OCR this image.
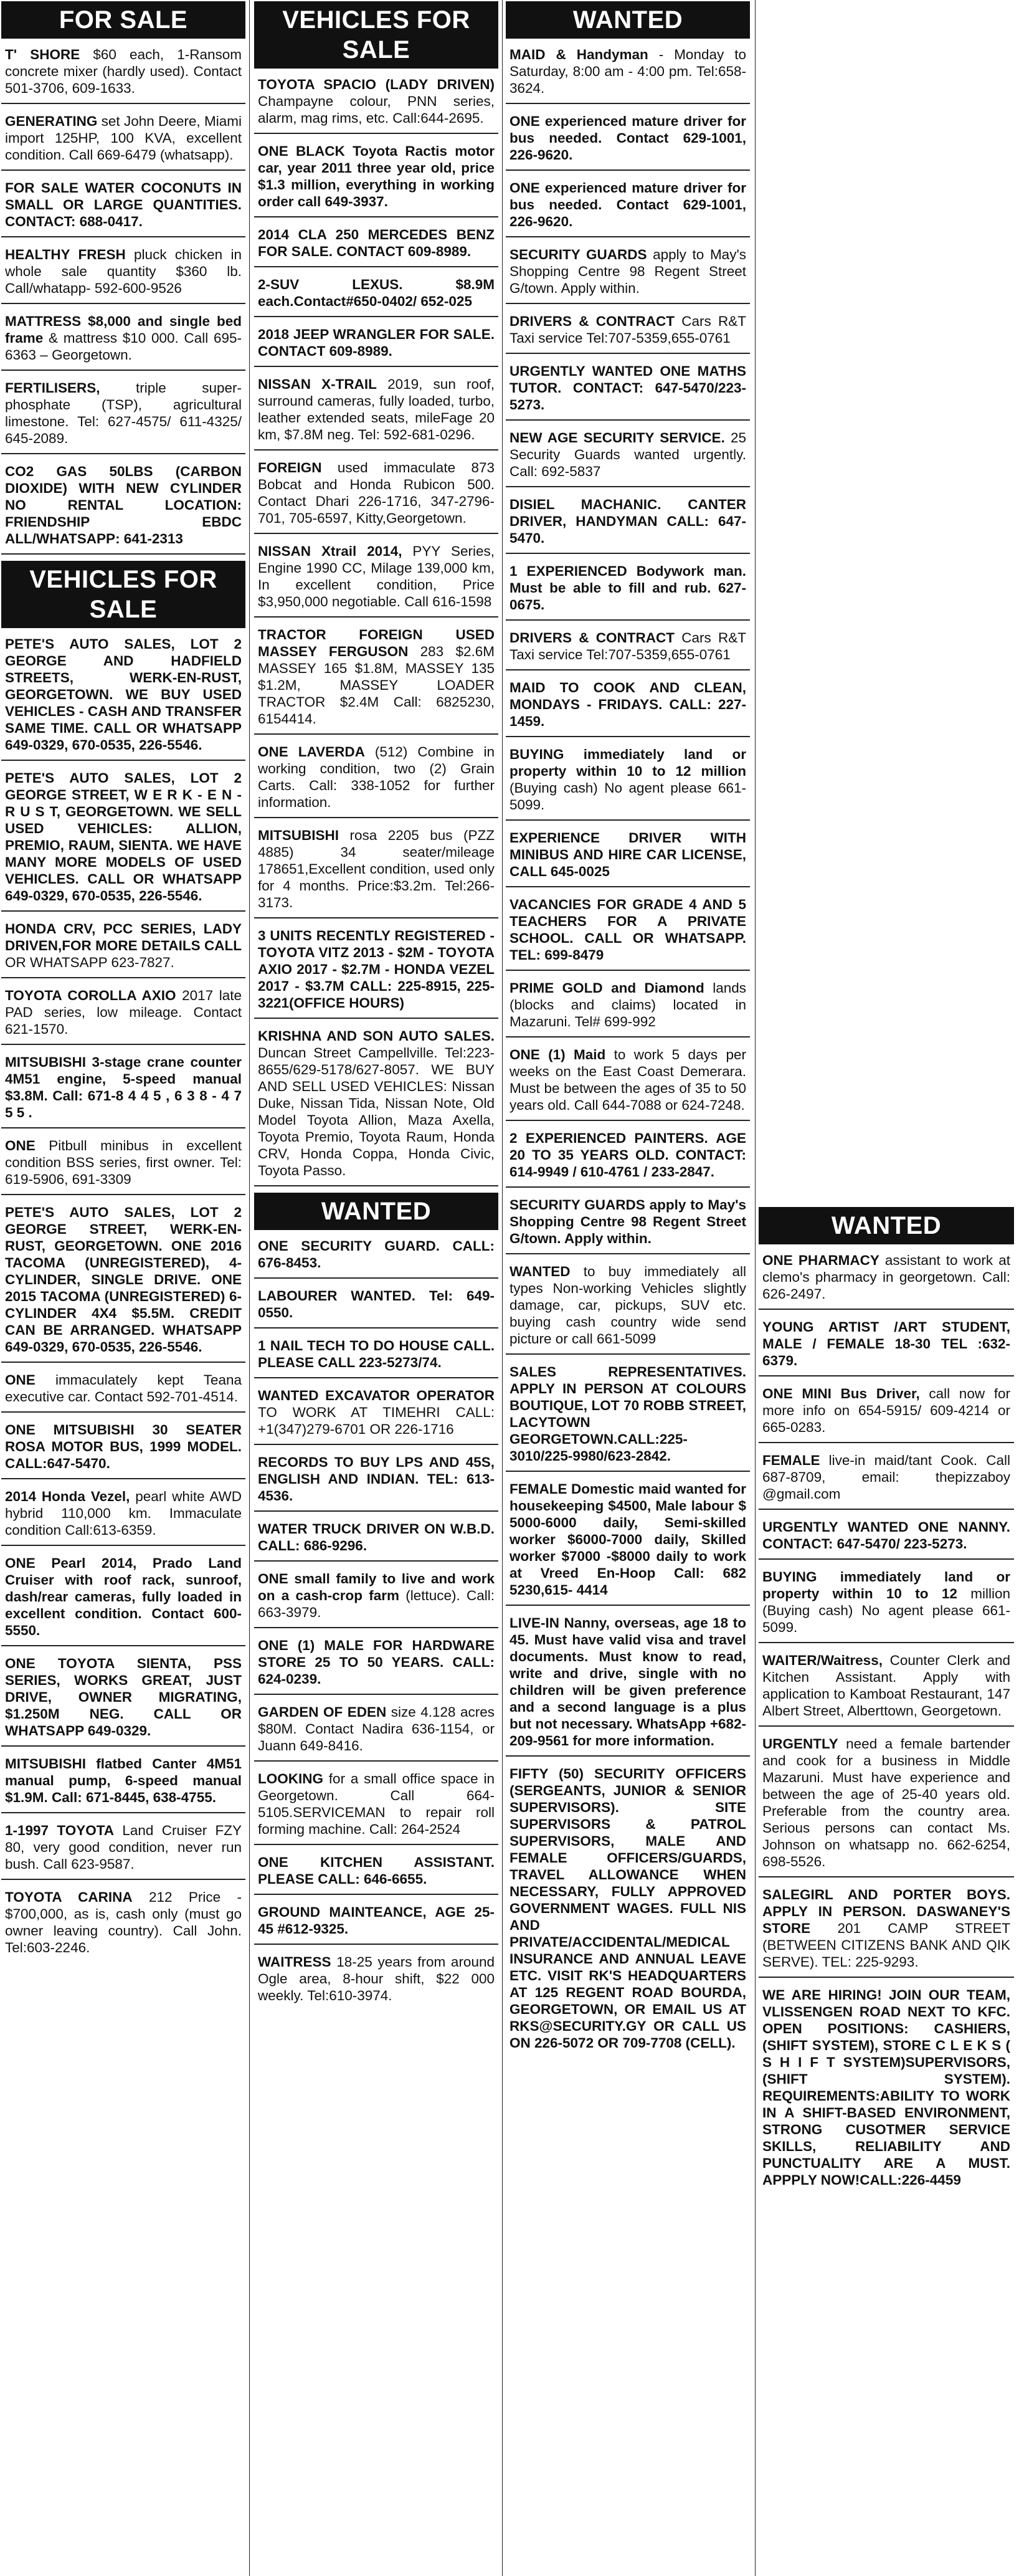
FOR SALE
T' SHORE $60 each, 1-Ransom concrete mixer (hardly used). Contact 501-3706, 609-1633.
GENERATING set John Deere, Miami import 125HP, 100 KVA, excellent condition. Call 669-6479 (whatsapp).
FOR SALE WATER COCONUTS IN SMALL OR LARGE QUANTITIES. CONTACT: 688-0417.
HEALTHY FRESH pluck chicken in whole sale quantity $360 lb. Call/whatapp- 592-600-9526
MATTRESS $8,000 and single bed frame & mattress $10 000. Call 695-6363 – Georgetown.
FERTILISERS, triple super-phosphate (TSP), agricultural limestone. Tel: 627-4575/ 611-4325/ 645-2089.
CO2 GAS 50LBS (CARBON DIOXIDE) WITH NEW CYLINDER NO RENTAL LOCATION: FRIENDSHIP EBDC ALL/WHATSAPP: 641-2313
VEHICLES FOR SALE
PETE'S AUTO SALES, LOT 2 GEORGE AND HADFIELD STREETS, WERK-EN-RUST, GEORGETOWN. WE BUY USED VEHICLES - CASH AND TRANSFER SAME TIME. CALL OR WHATSAPP 649-0329, 670-0535, 226-5546.
PETE'S AUTO SALES, LOT 2 GEORGE STREET, W E R K - E N - R U S T, GEORGETOWN. WE SELL USED VEHICLES: ALLION, PREMIO, RAUM, SIENTA. WE HAVE MANY MORE MODELS OF USED VEHICLES. CALL OR WHATSAPP 649-0329, 670-0535, 226-5546.
HONDA CRV, PCC SERIES, LADY DRIVEN,FOR MORE DETAILS CALL OR WHATSAPP 623-7827.
TOYOTA COROLLA AXIO 2017 late PAD series, low mileage. Contact 621-1570.
MITSUBISHI 3-stage crane counter 4M51 engine, 5-speed manual $3.8M. Call: 671-8 4 4 5 , 6 3 8 - 4 7 5 5 .
ONE Pitbull minibus in excellent condition BSS series, first owner. Tel: 619-5906, 691-3309
PETE'S AUTO SALES, LOT 2 GEORGE STREET, WERK-EN-RUST, GEORGETOWN. ONE 2016 TACOMA (UNREGISTERED), 4-CYLINDER, SINGLE DRIVE. ONE 2015 TACOMA (UNREGISTERED) 6-CYLINDER 4X4 $5.5M. CREDIT CAN BE ARRANGED. WHATSAPP 649-0329, 670-0535, 226-5546.
ONE immaculately kept Teana executive car. Contact 592-701-4514.
ONE MITSUBISHI 30 SEATER ROSA MOTOR BUS, 1999 MODEL. CALL:647-5470.
2014 Honda Vezel, pearl white AWD hybrid 110,000 km. Immaculate condition Call:613-6359.
ONE Pearl 2014, Prado Land Cruiser with roof rack, sunroof, dash/rear cameras, fully loaded in excellent condition. Contact 600-5550.
ONE TOYOTA SIENTA, PSS SERIES, WORKS GREAT, JUST DRIVE, OWNER MIGRATING, $1.250M NEG. CALL OR WHATSAPP 649-0329.
MITSUBISHI flatbed Canter 4M51 manual pump, 6-speed manual $1.9M. Call: 671-8445, 638-4755.
1-1997 TOYOTA Land Cruiser FZY 80, very good condition, never run bush. Call 623-9587.
TOYOTA CARINA 212 Price - $700,000, as is, cash only (must go owner leaving country). Call John. Tel:603-2246.
VEHICLES FOR SALE
TOYOTA SPACIO (LADY DRIVEN) Champayne colour, PNN series, alarm, mag rims, etc. Call:644-2695.
ONE BLACK Toyota Ractis motor car, year 2011 three year old, price $1.3 million, everything in working order call 649-3937.
2014 CLA 250 MERCEDES BENZ FOR SALE. CONTACT 609-8989.
2-SUV LEXUS. $8.9M each.Contact#650-0402/ 652-025
2018 JEEP WRANGLER FOR SALE. CONTACT 609-8989.
NISSAN X-TRAIL 2019, sun roof, surround cameras, fully loaded, turbo, leather extended seats, mileFage 20 km, $7.8M neg. Tel: 592-681-0296.
FOREIGN used immaculate 873 Bobcat and Honda Rubicon 500. Contact Dhari 226-1716, 347-2796-701, 705-6597, Kitty,Georgetown.
NISSAN Xtrail 2014, PYY Series, Engine 1990 CC, Milage 139,000 km, In excellent condition, Price $3,950,000 negotiable. Call 616-1598
TRACTOR FOREIGN USED MASSEY FERGUSON 283 $2.6M MASSEY 165 $1.8M, MASSEY 135 $1.2M, MASSEY LOADER TRACTOR $2.4M Call: 6825230, 6154414.
ONE LAVERDA (512) Combine in working condition, two (2) Grain Carts. Call: 338-1052 for further information.
MITSUBISHI rosa 2205 bus (PZZ 4885) 34 seater/mileage 178651,Excellent condition, used only for 4 months. Price:$3.2m. Tel:266-3173.
3 UNITS RECENTLY REGISTERED - TOYOTA VITZ 2013 - $2M - TOYOTA AXIO 2017 - $2.7M - HONDA VEZEL 2017 - $3.7M CALL: 225-8915, 225-3221(OFFICE HOURS)
KRISHNA AND SON AUTO SALES. Duncan Street Campellville. Tel:223-8655/629-5178/627-8057. WE BUY AND SELL USED VEHICLES: Nissan Duke, Nissan Tida, Nissan Note, Old Model Toyota Allion, Maza Axella, Toyota Premio, Toyota Raum, Honda CRV, Honda Coppa, Honda Civic, Toyota Passo.
WANTED
ONE SECURITY GUARD. CALL: 676-8453.
LABOURER WANTED. Tel: 649-0550.
1 NAIL TECH TO DO HOUSE CALL. PLEASE CALL 223-5273/74.
WANTED EXCAVATOR OPERATOR TO WORK AT TIMEHRI CALL: +1(347)279-6701 OR 226-1716
RECORDS TO BUY LPS AND 45S, ENGLISH AND INDIAN. TEL: 613-4536.
WATER TRUCK DRIVER ON W.B.D. CALL: 686-9296.
ONE small family to live and work on a cash-crop farm (lettuce). Call: 663-3979.
ONE (1) MALE FOR HARDWARE STORE 25 TO 50 YEARS. CALL: 624-0239.
GARDEN OF EDEN size 4.128 acres $80M. Contact Nadira 636-1154, or Juann 649-8416.
LOOKING for a small office space in Georgetown. Call 664-5105.SERVICEMAN to repair roll forming machine. Call: 264-2524
ONE KITCHEN ASSISTANT. PLEASE CALL: 646-6655.
GROUND MAINTEANCE, AGE 25-45 #612-9325.
WAITRESS 18-25 years from around Ogle area, 8-hour shift, $22 000 weekly. Tel:610-3974.
WANTED
MAID & Handyman - Monday to Saturday, 8:00 am - 4:00 pm. Tel:658-3624.
ONE experienced mature driver for bus needed. Contact 629-1001, 226-9620.
ONE experienced mature driver for bus needed. Contact 629-1001, 226-9620.
SECURITY GUARDS apply to May's Shopping Centre 98 Regent Street G/town. Apply within.
DRIVERS & CONTRACT Cars R&T Taxi service Tel:707-5359,655-0761
URGENTLY WANTED ONE MATHS TUTOR. CONTACT: 647-5470/223-5273.
NEW AGE SECURITY SERVICE. 25 Security Guards wanted urgently. Call: 692-5837
DISIEL MACHANIC. CANTER DRIVER, HANDYMAN CALL: 647-5470.
1 EXPERIENCED Bodywork man. Must be able to fill and rub. 627-0675.
DRIVERS & CONTRACT Cars R&T Taxi service Tel:707-5359,655-0761
MAID TO COOK AND CLEAN, MONDAYS - FRIDAYS. CALL: 227-1459.
BUYING immediately land or property within 10 to 12 million (Buying cash) No agent please 661-5099.
EXPERIENCE DRIVER WITH MINIBUS AND HIRE CAR LICENSE, CALL 645-0025
VACANCIES FOR GRADE 4 AND 5 TEACHERS FOR A PRIVATE SCHOOL. CALL OR WHATSAPP. TEL: 699-8479
PRIME GOLD and Diamond lands (blocks and claims) located in Mazaruni. Tel# 699-992
ONE (1) Maid to work 5 days per weeks on the East Coast Demerara. Must be between the ages of 35 to 50 years old. Call 644-7088 or 624-7248.
2 EXPERIENCED PAINTERS. AGE 20 TO 35 YEARS OLD. CONTACT: 614-9949 / 610-4761 / 233-2847.
SECURITY GUARDS apply to May's Shopping Centre 98 Regent Street G/town. Apply within.
WANTED to buy immediately all types Non-working Vehicles slightly damage, car, pickups, SUV etc. buying cash country wide send picture or call 661-5099
SALES REPRESENTATIVES. APPLY IN PERSON AT COLOURS BOUTIQUE, LOT 70 ROBB STREET, LACYTOWN GEORGETOWN.CALL:225-3010/225-9980/623-2842.
FEMALE Domestic maid wanted for housekeeping $4500, Male labour $ 5000-6000 daily, Semi-skilled worker $6000-7000 daily, Skilled worker $7000 -$8000 daily to work at Vreed En-Hoop Call: 682 5230,615- 4414
LIVE-IN Nanny, overseas, age 18 to 45. Must have valid visa and travel documents. Must know to read, write and drive, single with no children will be given preference and a second language is a plus but not necessary. WhatsApp +682-209-9561 for more information.
FIFTY (50) SECURITY OFFICERS (SERGEANTS, JUNIOR & SENIOR SUPERVISORS). SITE SUPERVISORS & PATROL SUPERVISORS, MALE AND FEMALE OFFICERS/GUARDS, TRAVEL ALLOWANCE WHEN NECESSARY, FULLY APPROVED GOVERNMENT WAGES. FULL NIS AND PRIVATE/ACCIDENTAL/MEDICAL INSURANCE AND ANNUAL LEAVE ETC. VISIT RK'S HEADQUARTERS AT 125 REGENT ROAD BOURDA, GEORGETOWN, OR EMAIL US AT RKS@SECURITY.GY OR CALL US ON 226-5072 OR 709-7708 (CELL).
WANTED
ONE PHARMACY assistant to work at clemo's pharmacy in georgetown. Call: 626-2497.
YOUNG ARTIST /ART STUDENT, MALE / FEMALE 18-30 TEL :632-6379.
ONE MINI Bus Driver, call now for more info on 654-5915/ 609-4214 or 665-0283.
FEMALE live-in maid/tant Cook. Call 687-8709, email: thepizzaboy @gmail.com
URGENTLY WANTED ONE NANNY. CONTACT: 647-5470/ 223-5273.
BUYING immediately land or property within 10 to 12 million (Buying cash) No agent please 661-5099.
WAITER/Waitress, Counter Clerk and Kitchen Assistant. Apply with application to Kamboat Restaurant, 147 Albert Street, Alberttown, Georgetown.
URGENTLY need a female bartender and cook for a business in Middle Mazaruni. Must have experience and between the age of 25-40 years old. Preferable from the country area. Serious persons can contact Ms. Johnson on whatsapp no. 662-6254, 698-5526.
SALEGIRL AND PORTER BOYS. APPLY IN PERSON. DASWANEY'S STORE 201 CAMP STREET (BETWEEN CITIZENS BANK AND QIK SERVE). TEL: 225-9293.
WE ARE HIRING! JOIN OUR TEAM, VLISSENGEN ROAD NEXT TO KFC. OPEN POSITIONS: CASHIERS, (SHIFT SYSTEM), STORE C L E K S ( S H I F T SYSTEM)SUPERVISORS, (SHIFT SYSTEM). REQUIREMENTS:ABILITY TO WORK IN A SHIFT-BASED ENVIRONMENT, STRONG CUSOTMER SERVICE SKILLS, RELIABILITY AND PUNCTUALITY ARE A MUST. APPPLY NOW!CALL:226-4459
